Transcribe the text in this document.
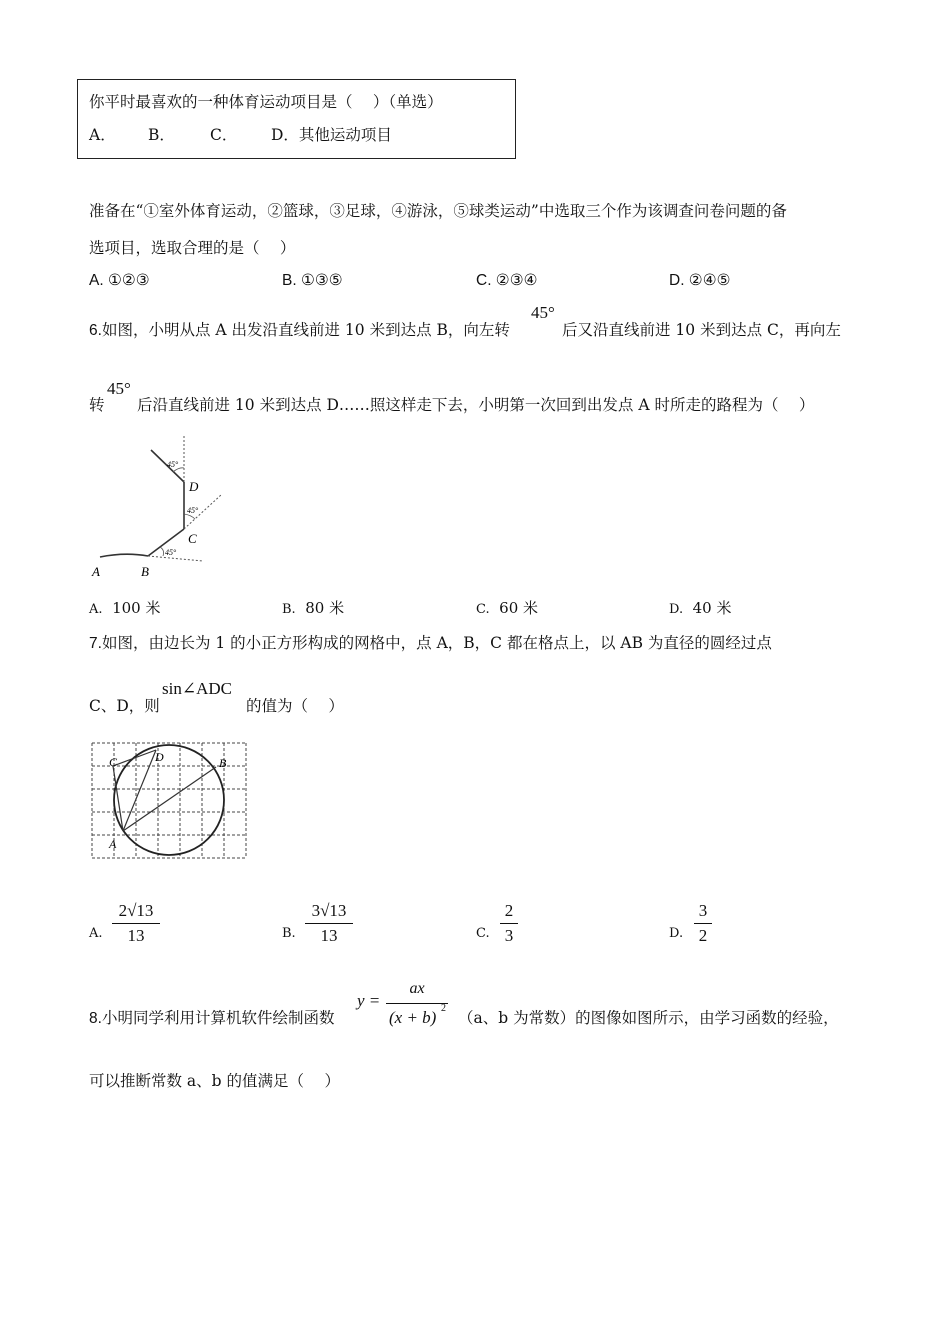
你平时最喜欢的一种体育运动项目是（　 ）（单选）
A． B． C． D．其他运动项目
准备在“①室外体育运动，②篮球，③足球，④游泳，⑤球类运动”中选取三个作为该调查问卷问题的备
选项目，选取合理的是（　 ）
A. ①②③	B. ①③⑤	C. ②③④	D. ②④⑤
6.如图，小明从点 A 出发沿直线前进 10 米到达点 B，向左转
45°
后又沿直线前进 10 米到达点 C，再向左
转
45°
后沿直线前进 10 米到达点 D……照这样走下去，小明第一次回到出发点 A 时所走的路程为（　 ）
45°
45°
45°
A	B
C
D
A. 100 米	B. 80 米	C. 60 米	D. 40 米
7.如图，由边长为 1 的小正方形构成的网格中，点 A，B，C 都在格点上，以 AB 为直径的圆经过点
C、D，则
sin∠ADC
的值为（　 ）
C	D	B
A
A.
2√13
13	B.
3√13
13	C.
2
3	D.
3
2
8.小明同学利用计算机软件绘制函数
y =
ax
(x + b) 2
（a、b 为常数）的图像如图所示，由学习函数的经验，
可以推断常数 a、b 的值满足（　 ）
